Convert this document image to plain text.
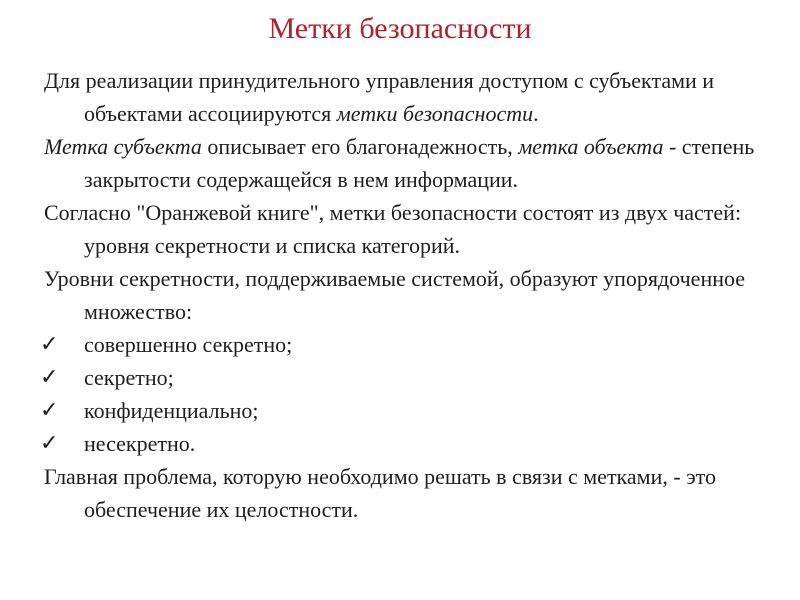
Метки безопасности

Для реализации принудительного управления доступом с субъектами и объектами ассоциируются метки безопасности.

Метка субъекта описывает его благонадежность, метка объекта - степень закрытости содержащейся в нем информации.

Согласно "Оранжевой книге", метки безопасности состоят из двух частей: уровня секретности и списка категорий.

Уровни секретности, поддерживаемые системой, образуют упорядоченное множество:

✓	совершенно секретно;
✓	секретно;
✓	конфиденциально;
✓	несекретно.

Главная проблема, которую необходимо решать в связи с метками, - это обеспечение их целостности.
